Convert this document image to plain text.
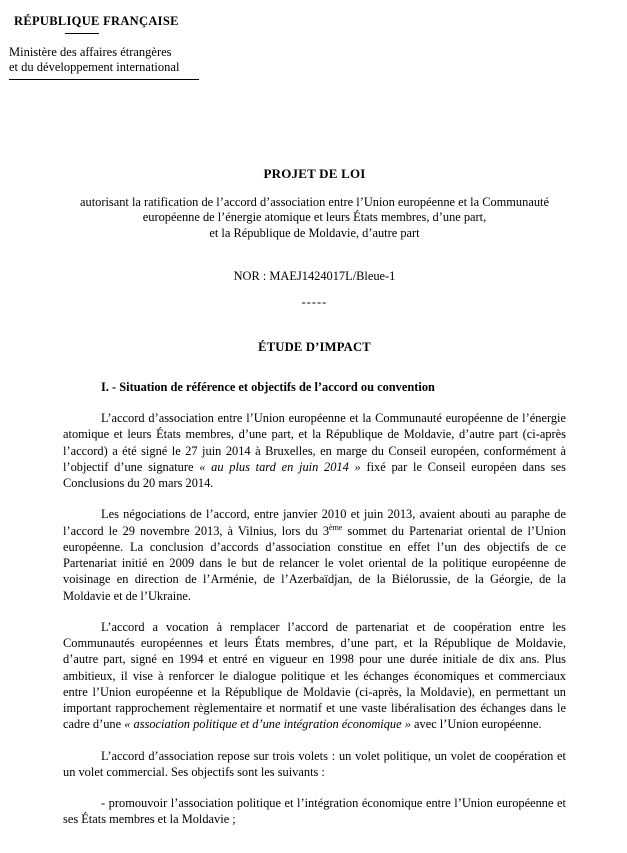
RÉPUBLIQUE FRANÇAISE
Ministère des affaires étrangères
et du développement international
PROJET DE LOI
autorisant la ratification de l’accord d’association entre l’Union européenne et la Communauté
européenne de l’énergie atomique et leurs États membres, d’une part,
et la République de Moldavie, d’autre part
NOR : MAEJ1424017L/Bleue-1
-----
ÉTUDE D’IMPACT
I. - Situation de référence et objectifs de l’accord ou convention

L’accord d’association entre l’Union européenne et la Communauté européenne de l’énergie atomique et leurs États membres, d’une part, et la République de Moldavie, d’autre part (ci-après l’accord) a été signé le 27 juin 2014 à Bruxelles, en marge du Conseil européen, conformément à l’objectif d’une signature « au plus tard en juin 2014 » fixé par le Conseil européen dans ses Conclusions du 20 mars 2014.

Les négociations de l’accord, entre janvier 2010 et juin 2013, avaient abouti au paraphe de l’accord le 29 novembre 2013, à Vilnius, lors du 3ème sommet du Partenariat oriental de l’Union européenne. La conclusion d’accords d’association constitue en effet l’un des objectifs de ce Partenariat initié en 2009 dans le but de relancer le volet oriental de la politique européenne de voisinage en direction de l’Arménie, de l’Azerbaïdjan, de la Biélorussie, de la Géorgie, de la Moldavie et de l’Ukraine.

L’accord a vocation à remplacer l’accord de partenariat et de coopération entre les Communautés européennes et leurs États membres, d’une part, et la République de Moldavie, d’autre part, signé en 1994 et entré en vigueur en 1998 pour une durée initiale de dix ans. Plus ambitieux, il vise à renforcer le dialogue politique et les échanges économiques et commerciaux entre l’Union européenne et la République de Moldavie (ci-après, la Moldavie), en permettant un important rapprochement règlementaire et normatif et une vaste libéralisation des échanges dans le cadre d’une « association politique et d’une intégration économique » avec l’Union européenne.

L’accord d’association repose sur trois volets : un volet politique, un volet de coopération et un volet commercial. Ses objectifs sont les suivants :

- promouvoir l’association politique et l’intégration économique entre l’Union européenne et ses États membres et la Moldavie ;
